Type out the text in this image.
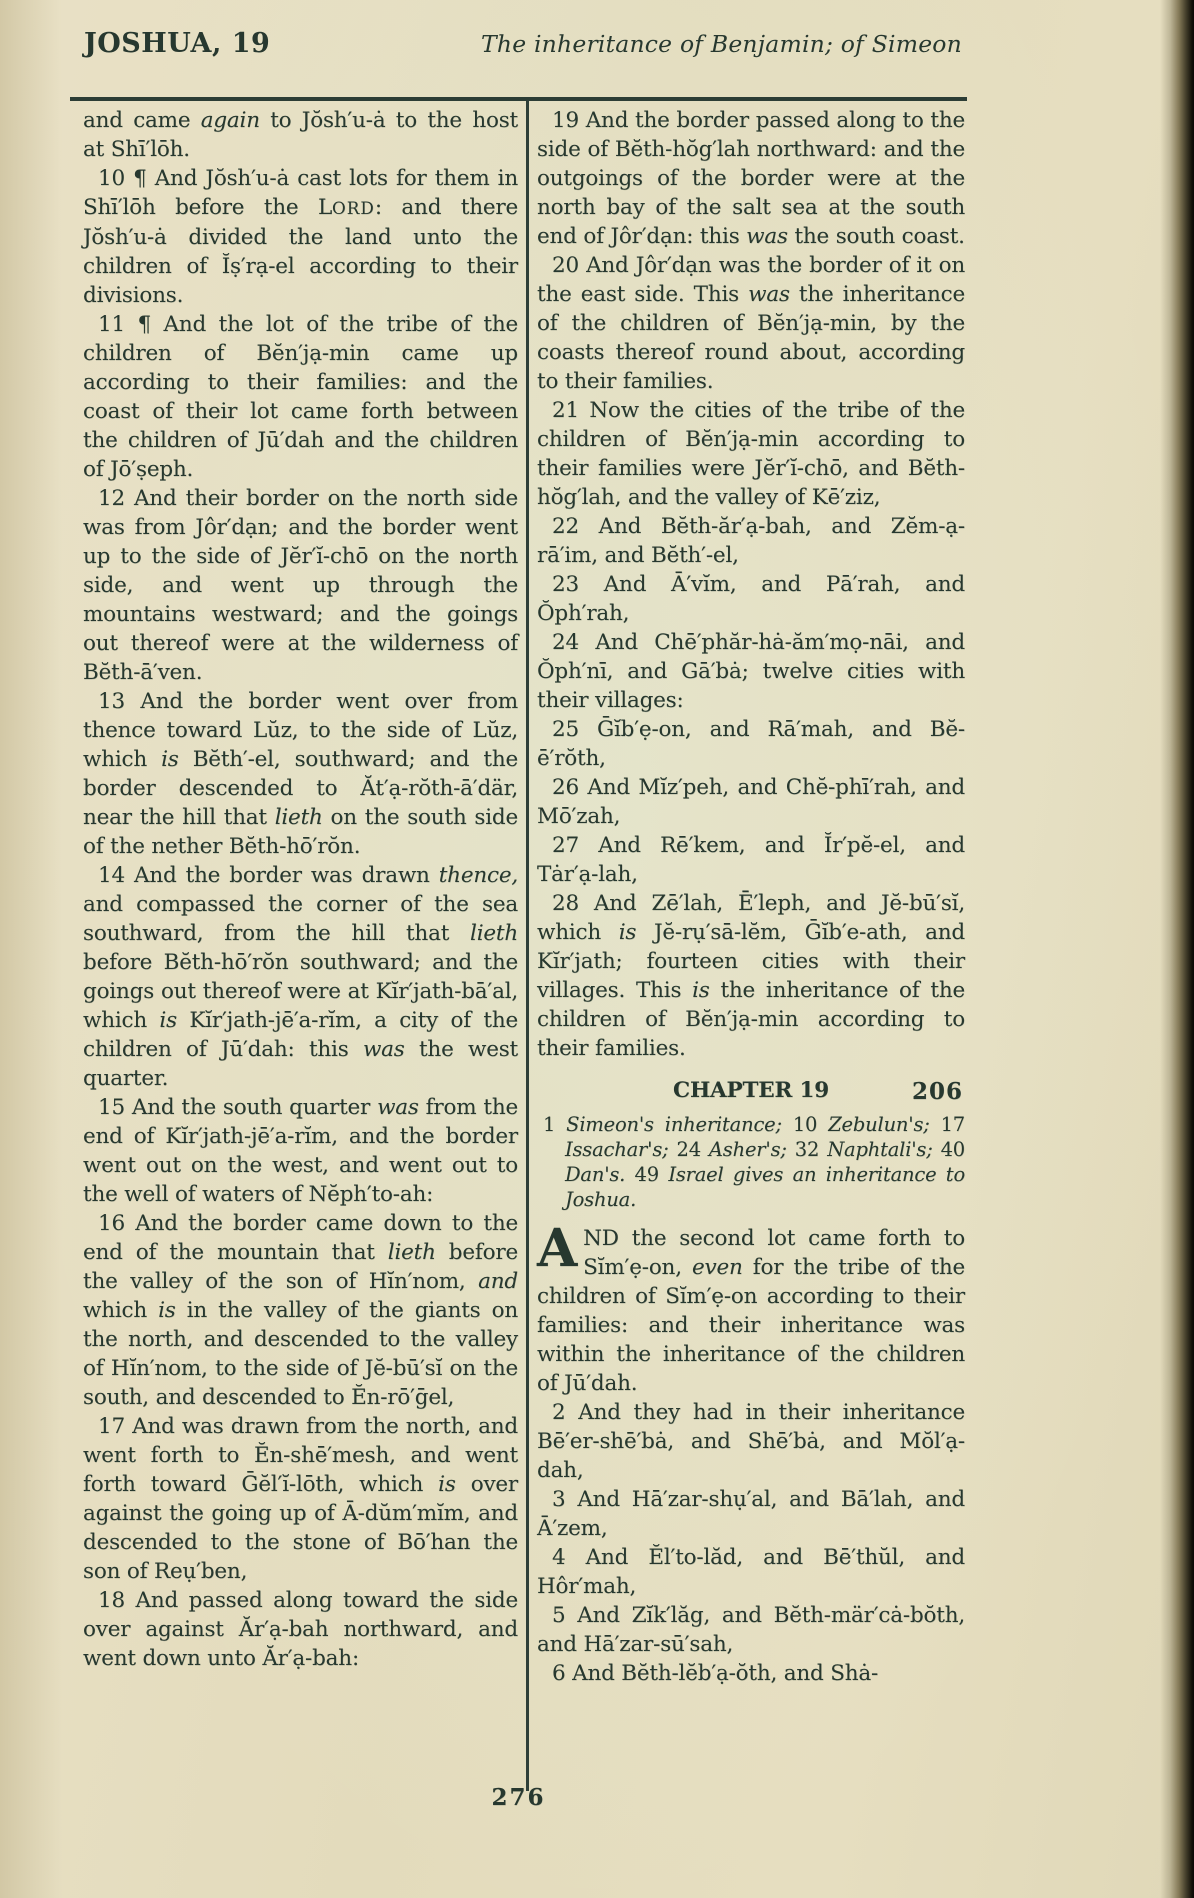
JOSHUA, 19	The inheritance of Benjamin; of Simeon

and came again to Jŏsh′u-ȧ to the host at Shī′lōh.

10 ¶ And Jŏsh′u-ȧ cast lots for them in Shī′lōh before the LORD: and there Jŏsh′u-ȧ divided the land unto the children of Ĭṣ′rạ-el according to their divisions.

11 ¶ And the lot of the tribe of the children of Bĕn′jạ-min came up according to their families: and the coast of their lot came forth between the children of Jū′dah and the children of Jō′ṣeph.

12 And their border on the north side was from Jôr′dạn; and the border went up to the side of Jĕr′ĭ-chō on the north side, and went up through the mountains westward; and the goings out thereof were at the wilderness of Bĕth-ā′ven.

13 And the border went over from thence toward Lŭz, to the side of Lŭz, which is Bĕth′-el, southward; and the border descended to Ăt′ạ-rŏth-ā′där, near the hill that lieth on the south side of the nether Bĕth-hō′rŏn.

14 And the border was drawn thence, and compassed the corner of the sea southward, from the hill that lieth before Bĕth-hō′rŏn southward; and the goings out thereof were at Kĭr′jath-bā′al, which is Kĭr′jath-jē′a-rĭm, a city of the children of Jū′dah: this was the west quarter.

15 And the south quarter was from the end of Kĭr′jath-jē′a-rĭm, and the border went out on the west, and went out to the well of waters of Nĕph′to-ah:

16 And the border came down to the end of the mountain that lieth before the valley of the son of Hĭn′nom, and which is in the valley of the giants on the north, and descended to the valley of Hĭn′nom, to the side of Jĕ-bū′sĭ on the south, and descended to Ĕn-rō′ḡel,

17 And was drawn from the north, and went forth to Ĕn-shē′mesh, and went forth toward Ḡĕl′ĭ-lōth, which is over against the going up of Ā-dŭm′mĭm, and descended to the stone of Bō′han the son of Reụ′ben,

18 And passed along toward the side over against Ăr′ạ-bah northward, and went down unto Ăr′ạ-bah:

19 And the border passed along to the side of Bĕth-hŏg′lah northward: and the outgoings of the border were at the north bay of the salt sea at the south end of Jôr′dạn: this was the south coast.

20 And Jôr′dạn was the border of it on the east side. This was the inheritance of the children of Bĕn′jạ-min, by the coasts thereof round about, according to their families.

21 Now the cities of the tribe of the children of Bĕn′jạ-min according to their families were Jĕr′ĭ-chō, and Bĕth-hŏg′lah, and the valley of Kē′ziz,

22 And Bĕth-ăr′ạ-bah, and Zĕm-ạ-rā′im, and Bĕth′-el,

23 And Ā′vĭm, and Pā′rah, and Ŏph′rah,

24 And Chē′phăr-hȧ-ăm′mọ-nāi, and Ŏph′nī, and Gā′bȧ; twelve cities with their villages:

25 Ḡĭb′ẹ-on, and Rā′mah, and Bĕ-ē′rŏth,

26 And Mĭz′peh, and Chĕ-phī′rah, and Mō′zah,

27 And Rē′kem, and Ĭr′pĕ-el, and Tȧr′ạ-lah,

28 And Zē′lah, Ē′leph, and Jĕ-bū′sĭ, which is Jĕ-rụ′sā-lĕm, Ḡĭb′e-ath, and Kĭr′jath; fourteen cities with their villages. This is the inheritance of the children of Bĕn′jạ-min according to their families.

CHAPTER 19	206

1 Simeon's inheritance; 10 Zebulun's; 17 Issachar's; 24 Asher's; 32 Naphtali's; 40 Dan's. 49 Israel gives an inheritance to Joshua.

AND the second lot came forth to Sĭm′ẹ-on, even for the tribe of the children of Sĭm′ẹ-on according to their families: and their inheritance was within the inheritance of the children of Jū′dah.

2 And they had in their inheritance Bē′er-shē′bȧ, and Shē′bȧ, and Mŏl′ạ-dah,

3 And Hā′zar-shụ′al, and Bā′lah, and Ā′zem,

4 And Ĕl′to-lăd, and Bē′thŭl, and Hôr′mah,

5 And Zĭk′lăg, and Bĕth-mär′cȧ-bŏth, and Hā′zar-sū′sah,

6 And Bĕth-lĕb′ạ-ŏth, and Shȧ-

276
